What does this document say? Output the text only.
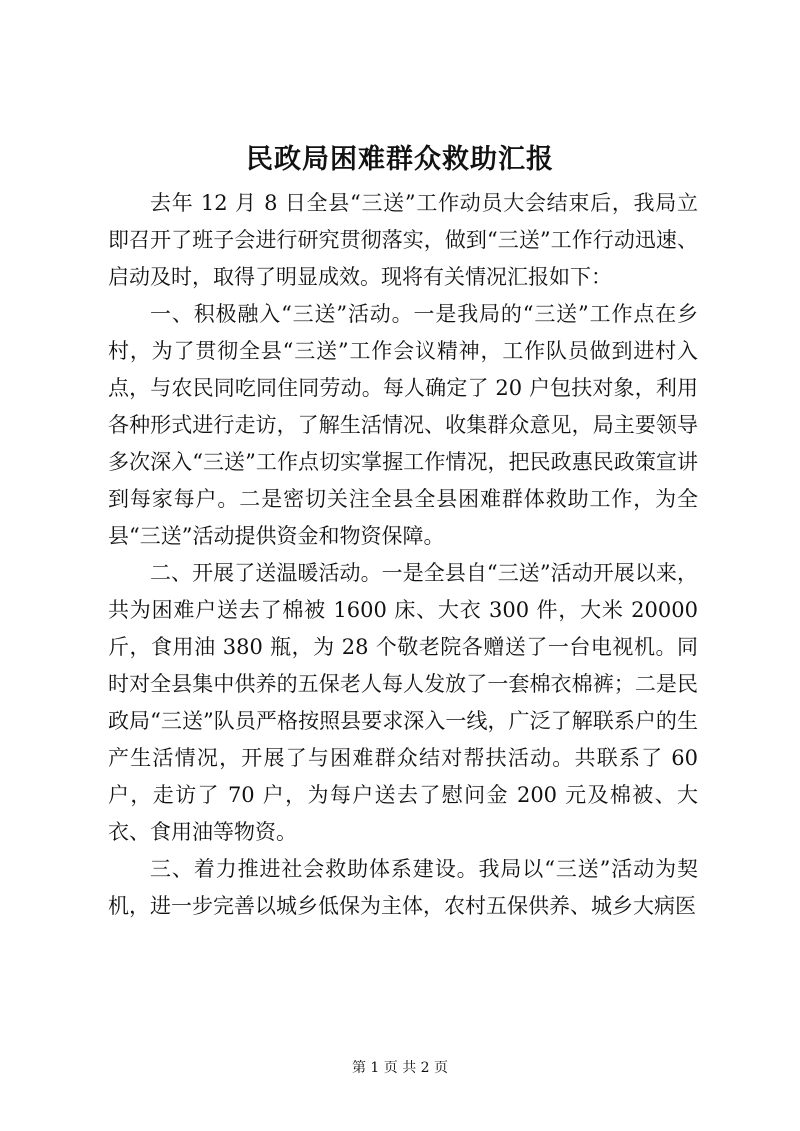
民政局困难群众救助汇报

去年 12 月 8 日全县“三送”工作动员大会结束后，我局立即召开了班子会进行研究贯彻落实，做到“三送”工作行动迅速、启动及时，取得了明显成效。现将有关情况汇报如下：

一、积极融入“三送”活动。一是我局的“三送”工作点在乡村，为了贯彻全县“三送”工作会议精神，工作队员做到进村入点，与农民同吃同住同劳动。每人确定了 20 户包扶对象，利用各种形式进行走访，了解生活情况、收集群众意见，局主要领导多次深入“三送”工作点切实掌握工作情况，把民政惠民政策宣讲到每家每户。二是密切关注全县全县困难群体救助工作，为全县“三送”活动提供资金和物资保障。

二、开展了送温暖活动。一是全县自“三送”活动开展以来，共为困难户送去了棉被 1600 床、大衣 300 件，大米 20000 斤，食用油 380 瓶，为 28 个敬老院各赠送了一台电视机。同时对全县集中供养的五保老人每人发放了一套棉衣棉裤；二是民政局“三送”队员严格按照县要求深入一线，广泛了解联系户的生产生活情况，开展了与困难群众结对帮扶活动。共联系了 60 户，走访了 70 户，为每户送去了慰问金 200 元及棉被、大衣、食用油等物资。

三、着力推进社会救助体系建设。我局以“三送”活动为契机，进一步完善以城乡低保为主体，农村五保供养、城乡大病医

第 1 页 共 2 页
